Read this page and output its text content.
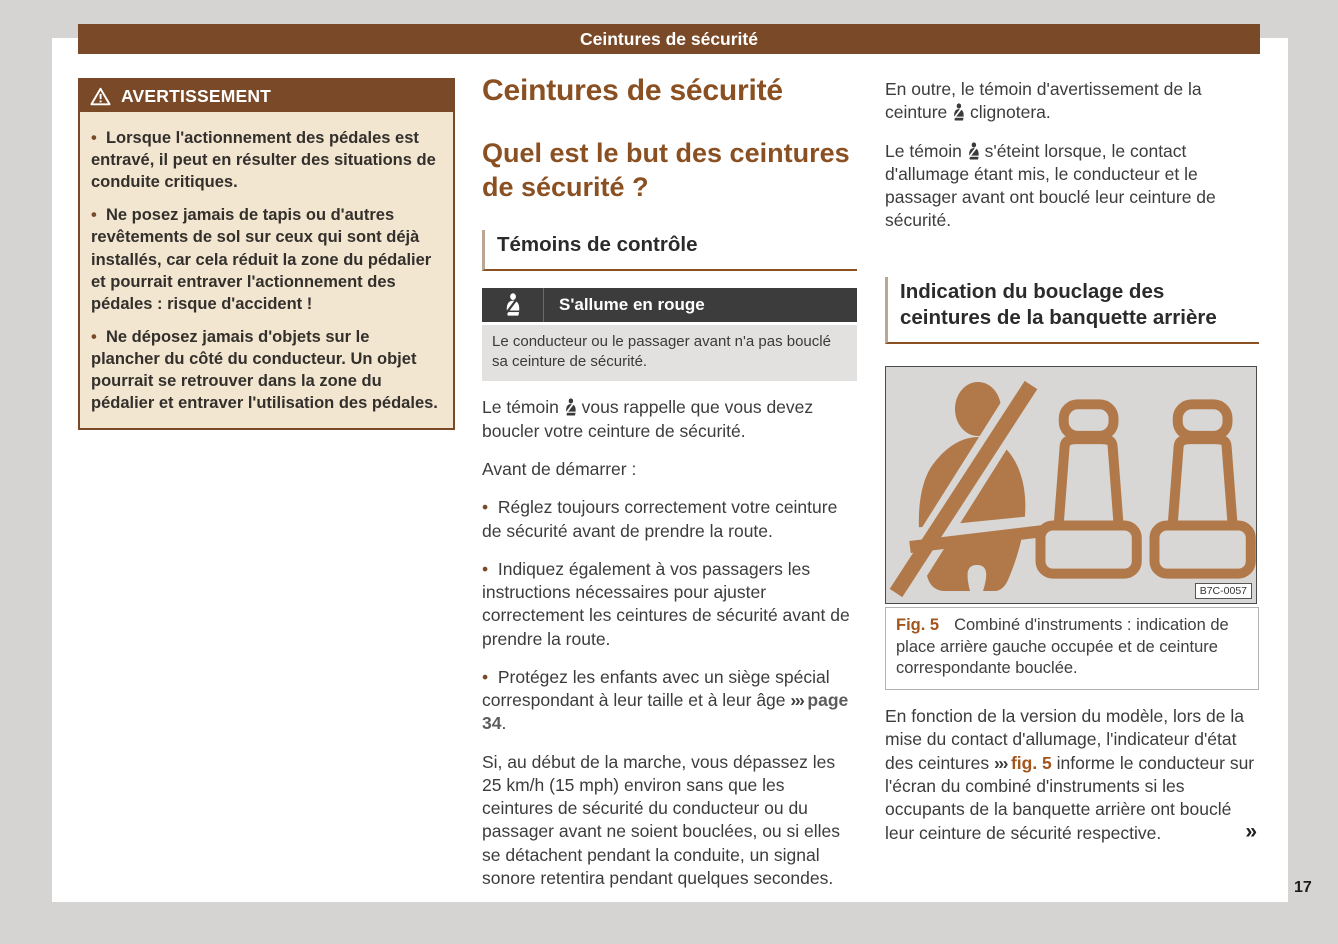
Ceintures de sécurité
AVERTISSEMENT

•  Lorsque l'actionnement des pédales est entravé, il peut en résulter des situations de conduite critiques.

•  Ne posez jamais de tapis ou d'autres revêtements de sol sur ceux qui sont déjà installés, car cela réduit la zone du pédalier et pourrait entraver l'actionnement des pédales : risque d'accident !

•  Ne déposez jamais d'objets sur le plancher du côté du conducteur. Un objet pourrait se retrouver dans la zone du pédalier et entraver l'utilisation des pédales.

Ceintures de sécurité
Quel est le but des ceintures de sécurité ?
Témoins de contrôle
S'allume en rouge
Le conducteur ou le passager avant n'a pas bouclé sa ceinture de sécurité.

Le témoin vous rappelle que vous devez boucler votre ceinture de sécurité.

Avant de démarrer :

•  Réglez toujours correctement votre ceinture de sécurité avant de prendre la route.

•  Indiquez également à vos passagers les instructions nécessaires pour ajuster correctement les ceintures de sécurité avant de prendre la route.

•  Protégez les enfants avec un siège spécial correspondant à leur taille et à leur âge ››› page 34.

Si, au début de la marche, vous dépassez les 25 km/h (15 mph) environ sans que les ceintures de sécurité du conducteur ou du passager avant ne soient bouclées, ou si elles se détachent pendant la conduite, un signal sonore retentira pendant quelques secondes.

En outre, le témoin d'avertissement de la ceinture clignotera.

Le témoin s'éteint lorsque, le contact d'allumage étant mis, le conducteur et le passager avant ont bouclé leur ceinture de sécurité.

Indication du bouclage des ceintures de la banquette arrière
B7C-0057
Fig. 5 Combiné d'instruments : indication de place arrière gauche occupée et de ceinture correspondante bouclée.

En fonction de la version du modèle, lors de la mise du contact d'allumage, l'indicateur d'état des ceintures ››› fig. 5 informe le conducteur sur l'écran du combiné d'instruments si les occupants de la banquette arrière ont bouclé leur ceinture de sécurité respective.	»
17
